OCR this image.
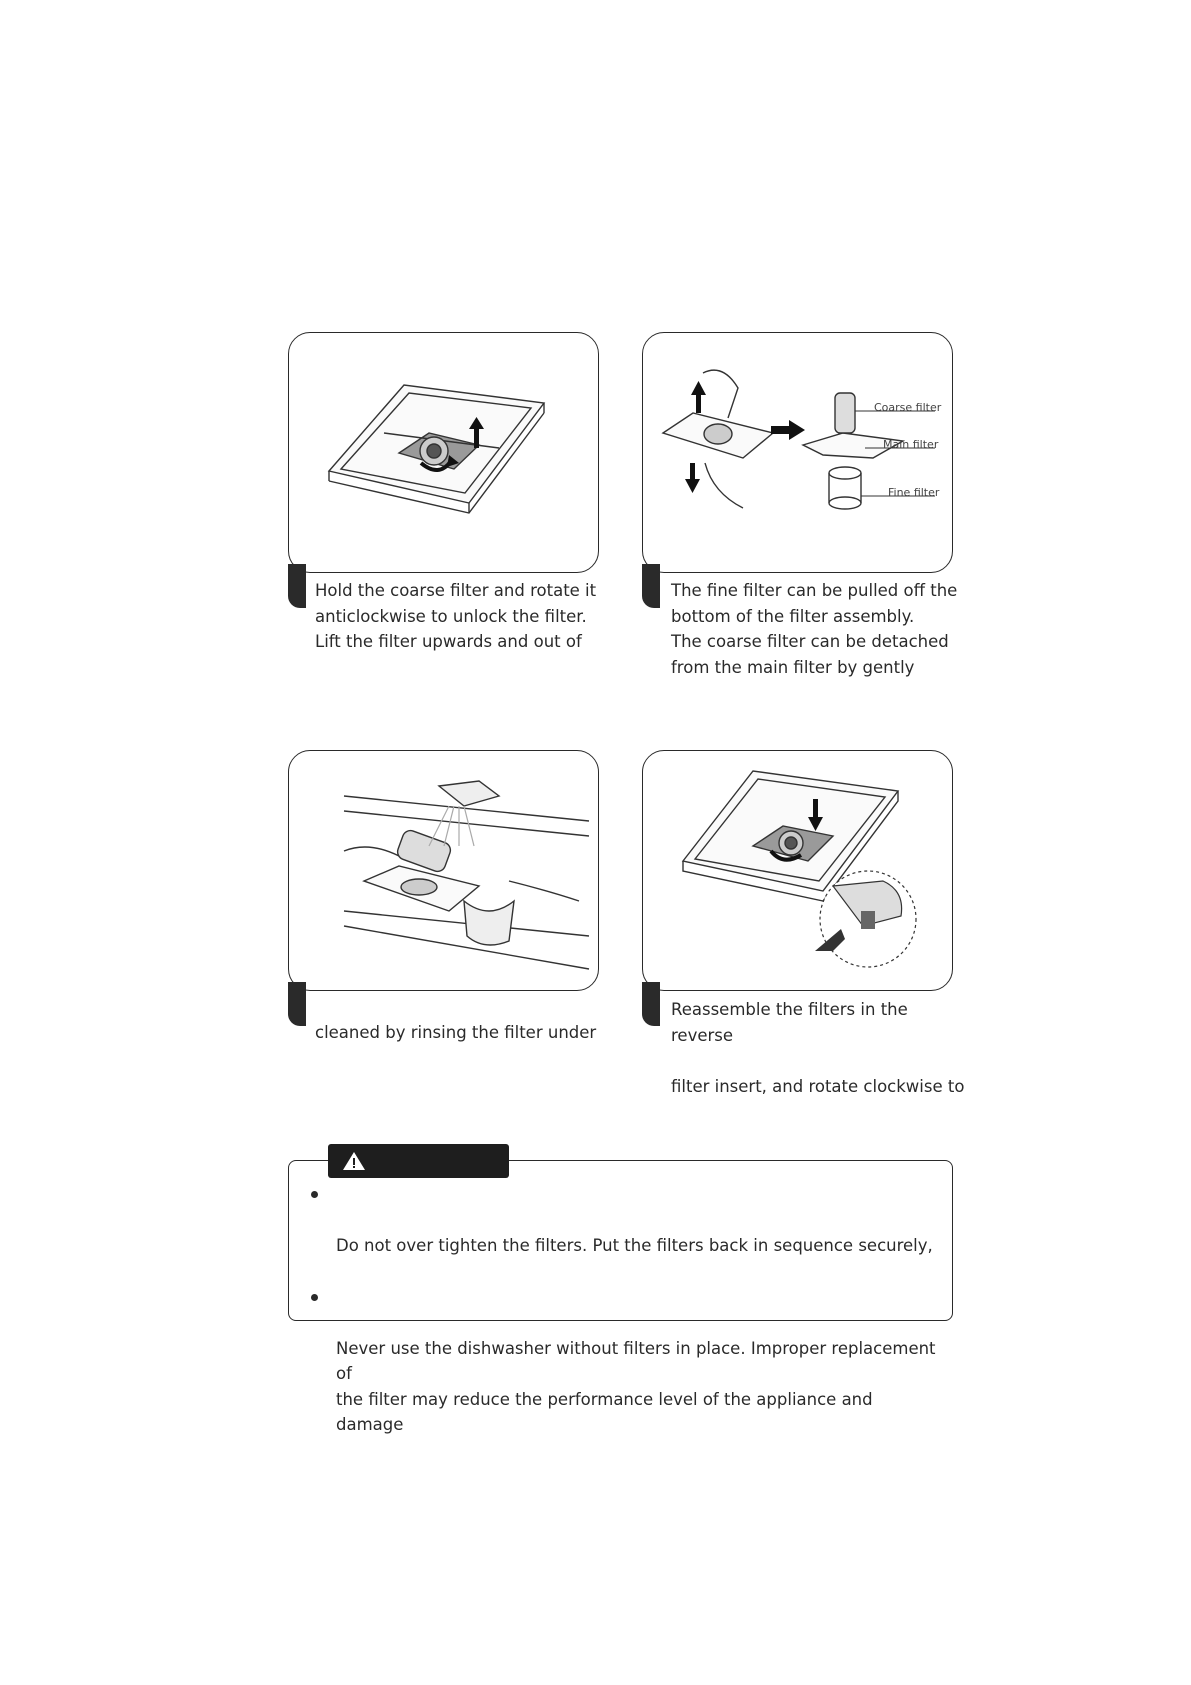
Hold the coarse filter and rotate it
anticlockwise to unlock the filter.
Lift the filter upwards and out of
Coarse filter
Main filter
Fine filter
The fine filter can be pulled off the
bottom of the filter assembly.
The coarse filter can be detached
from the main filter by gently

cleaned by rinsing the filter under
Reassemble the filters in the reverse

filter insert, and rotate clockwise to

Do not over tighten the filters. Put the filters back in sequence securely,

Never use the dishwasher without filters in place. Improper replacement of
the filter may reduce the performance level of the appliance and damage
